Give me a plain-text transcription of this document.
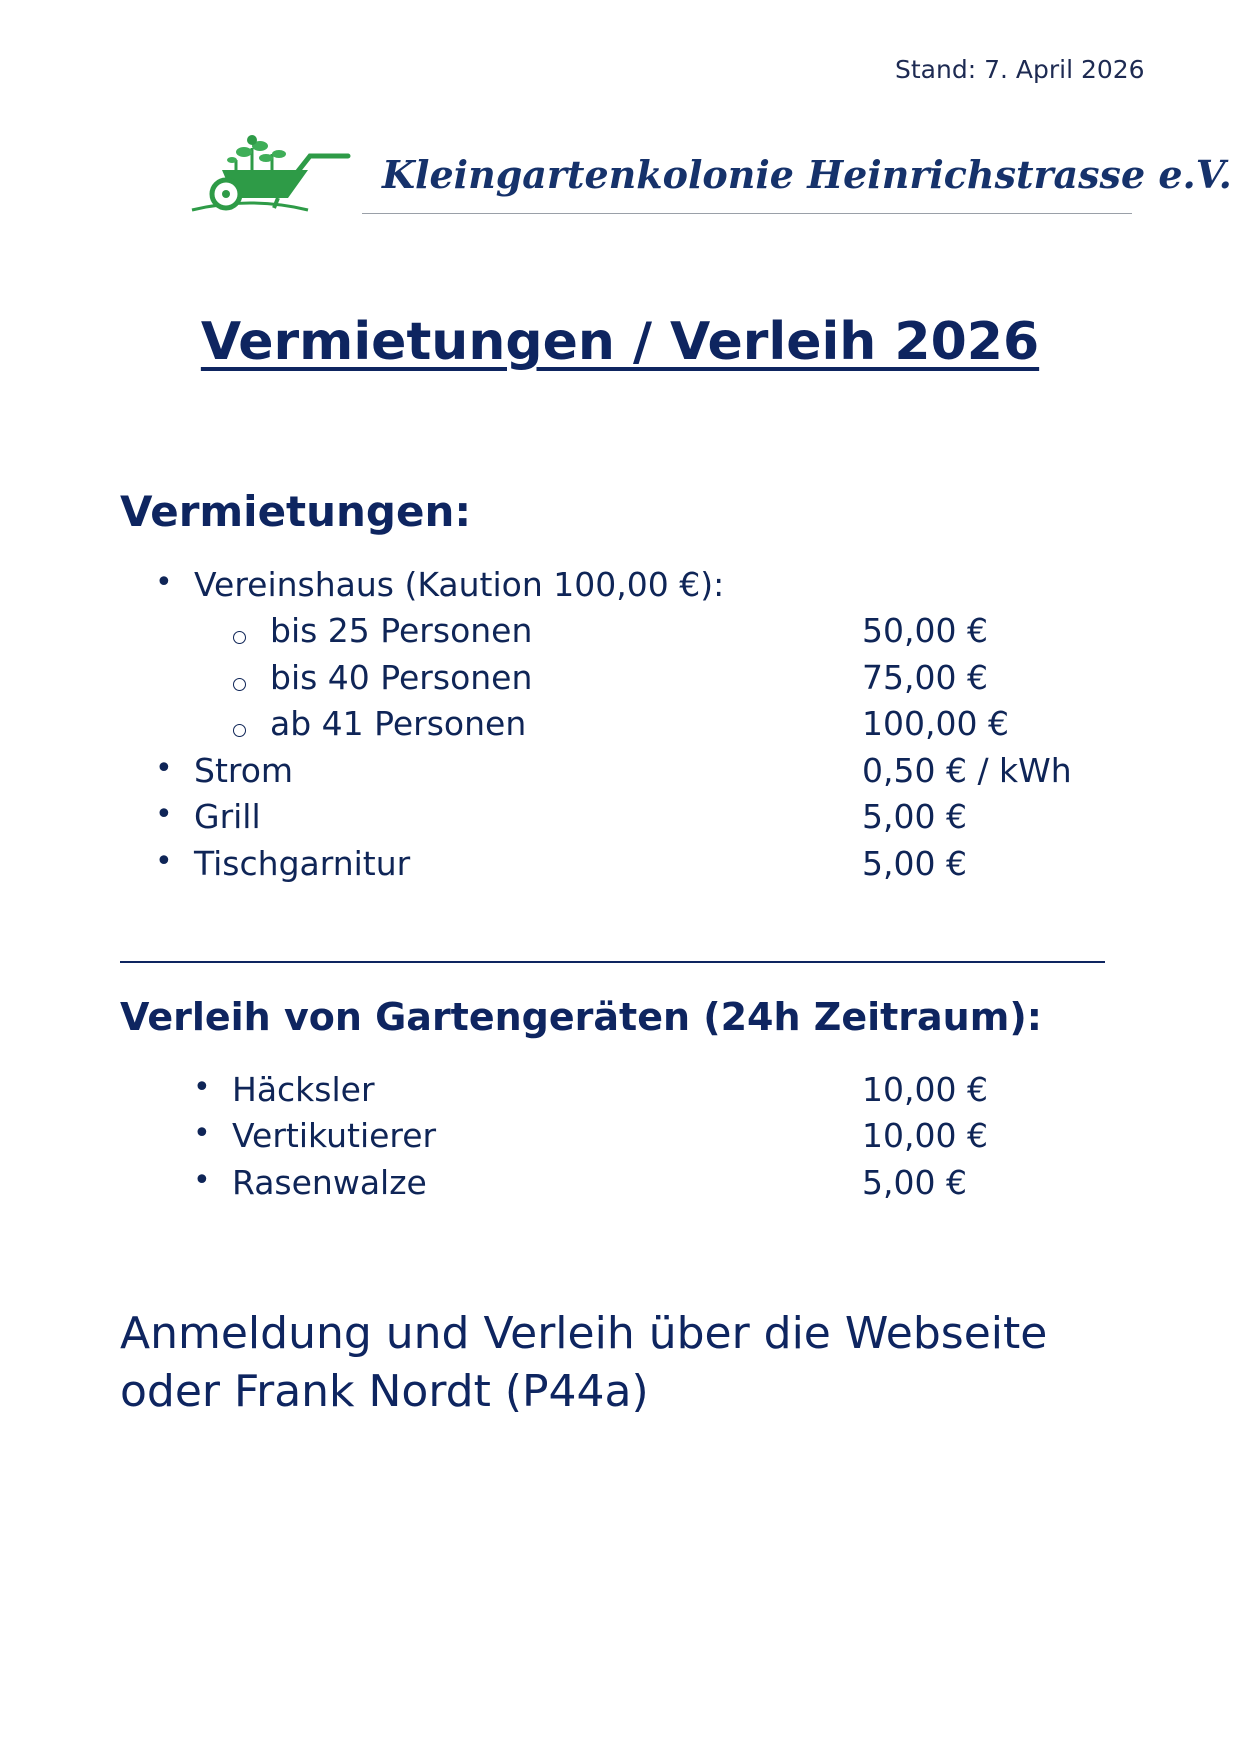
Stand: 7. April 2026
Kleingartenkolonie Heinrichstrasse e.V.
Vermietungen / Verleih 2026
Vermietungen:
•
Vereinshaus (Kaution 100,00 €):
bis 25 Personen	50,00 €
bis 40 Personen	75,00 €
ab 41 Personen	100,00 €
•
Strom	0,50 € / kWh
•
Grill	5,00 €
•
Tischgarnitur	5,00 €
Verleih von Gartengeräten (24h Zeitraum):
•
Häcksler	10,00 €
•
Vertikutierer	10,00 €
•
Rasenwalze	5,00 €
Anmeldung und Verleih über die Webseite oder Frank Nordt (P44a)
